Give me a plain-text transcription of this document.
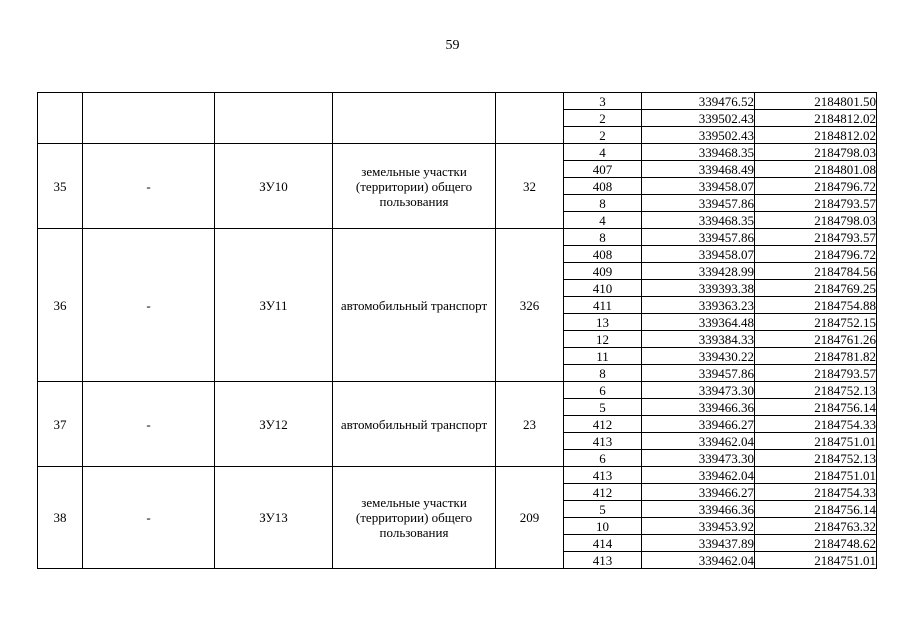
59
					3	339476.52	2184801.50
					2	339502.43	2184812.02
					2	339502.43	2184812.02
35	-	ЗУ10	земельные участки (территории) общего пользования	32	4	339468.35	2184798.03
					407	339468.49	2184801.08
					408	339458.07	2184796.72
					8	339457.86	2184793.57
					4	339468.35	2184798.03
36	-	ЗУ11	автомобильный транспорт	326	8	339457.86	2184793.57
					408	339458.07	2184796.72
					409	339428.99	2184784.56
					410	339393.38	2184769.25
					411	339363.23	2184754.88
					13	339364.48	2184752.15
					12	339384.33	2184761.26
					11	339430.22	2184781.82
					8	339457.86	2184793.57
37	-	ЗУ12	автомобильный транспорт	23	6	339473.30	2184752.13
					5	339466.36	2184756.14
					412	339466.27	2184754.33
					413	339462.04	2184751.01
					6	339473.30	2184752.13
38	-	ЗУ13	земельные участки (территории) общего пользования	209	413	339462.04	2184751.01
					412	339466.27	2184754.33
					5	339466.36	2184756.14
					10	339453.92	2184763.32
					414	339437.89	2184748.62
					413	339462.04	2184751.01
